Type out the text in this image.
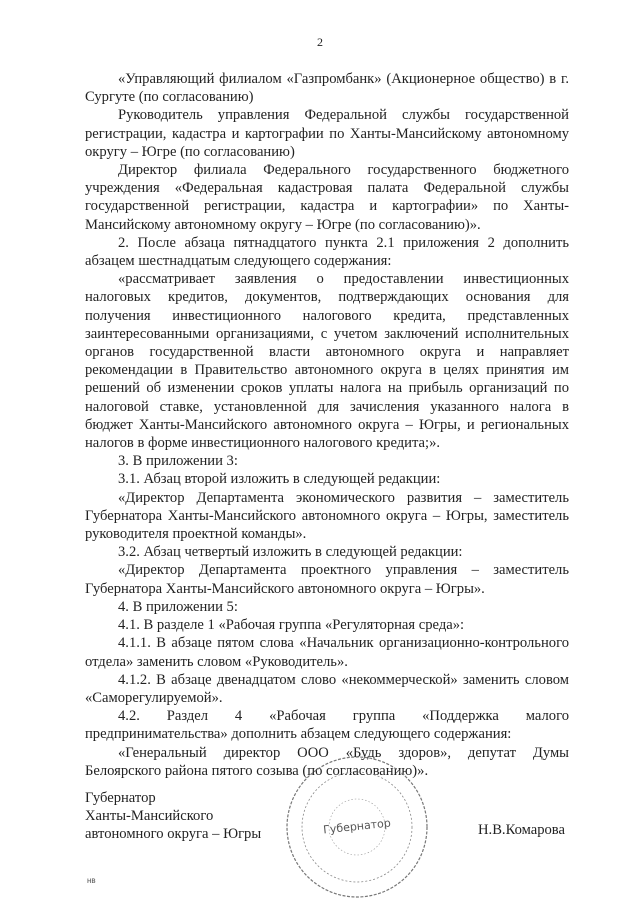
2

«Управляющий филиалом «Газпромбанк» (Акционерное общество) в г. Сургуте (по согласованию)

Руководитель управления Федеральной службы государственной регистрации, кадастра и картографии по Ханты-Мансийскому автономному округу – Югре (по согласованию)

Директор филиала Федерального государственного бюджетного учреждения «Федеральная кадастровая палата Федеральной службы государственной регистрации, кадастра и картографии» по Ханты-Мансийскому автономному округу – Югре (по согласованию)».

2. После абзаца пятнадцатого пункта 2.1 приложения 2 дополнить абзацем шестнадцатым следующего содержания:

«рассматривает заявления о предоставлении инвестиционных налоговых кредитов, документов, подтверждающих основания для получения инвестиционного налогового кредита, представленных заинтересованными организациями, с учетом заключений исполнительных органов государственной власти автономного округа и направляет рекомендации в Правительство автономного округа в целях принятия им решений об изменении сроков уплаты налога на прибыль организаций по налоговой ставке, установленной для зачисления указанного налога в бюджет Ханты-Мансийского автономного округа – Югры, и региональных налогов в форме инвестиционного налогового кредита;».

3. В приложении 3:

3.1. Абзац второй изложить в следующей редакции:

«Директор Департамента экономического развития – заместитель Губернатора Ханты-Мансийского автономного округа – Югры, заместитель руководителя проектной команды».

3.2. Абзац четвертый изложить в следующей редакции:

«Директор Департамента проектного управления – заместитель Губернатора Ханты-Мансийского автономного округа – Югры».

4. В приложении 5:

4.1. В разделе 1 «Рабочая группа «Регуляторная среда»:

4.1.1. В абзаце пятом слова «Начальник организационно-контрольного отдела» заменить словом «Руководитель».

4.1.2. В абзаце двенадцатом слово «некоммерческой» заменить словом «Саморегулируемой».

4.2. Раздел 4 «Рабочая группа «Поддержка малого предпринимательства» дополнить абзацем следующего содержания:

«Генеральный директор ООО «Будь здоров», депутат Думы Белоярского района пятого созыва (по согласованию)».

Губернатор
Ханты-Мансийского
автономного округа – Югры	Губернатор	Н.В.Комарова
нв
